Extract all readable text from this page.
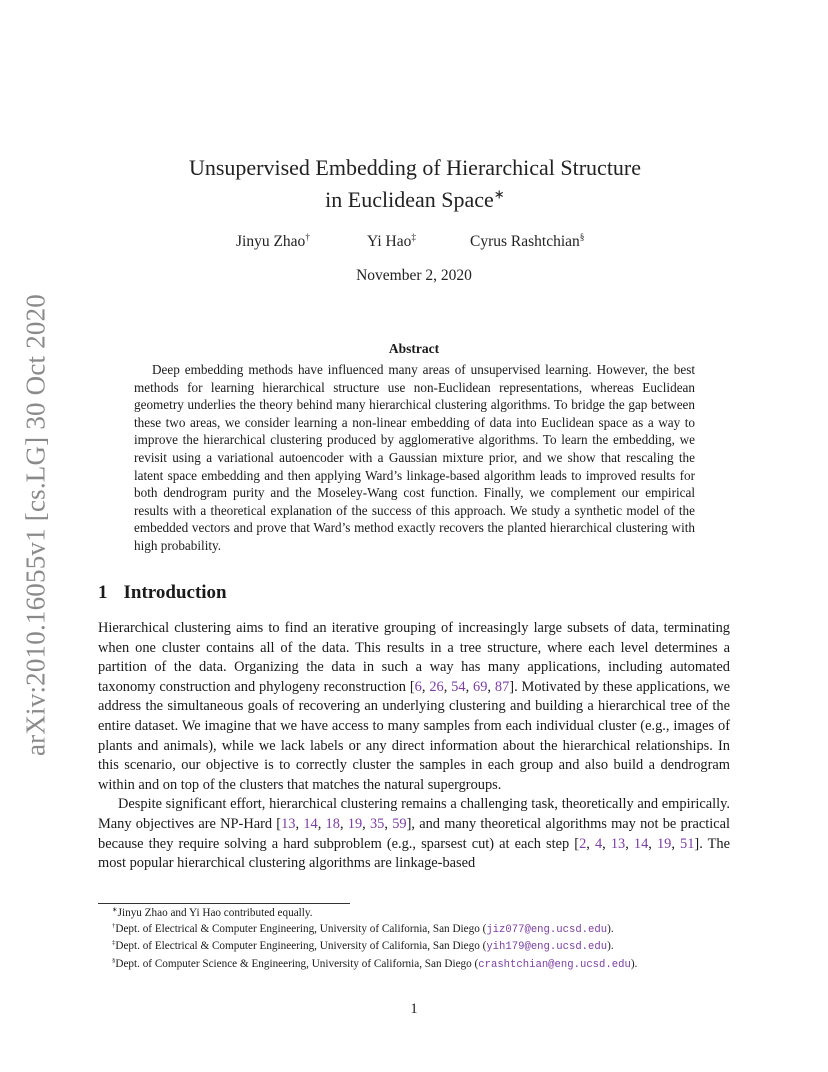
arXiv:2010.16055v1 [cs.LG] 30 Oct 2020
Unsupervised Embedding of Hierarchical Structure
in Euclidean Space∗
Jinyu Zhao†	Yi Hao‡	Cyrus Rashtchian§
November 2, 2020
Abstract

Deep embedding methods have influenced many areas of unsupervised learning. However, the best methods for learning hierarchical structure use non-Euclidean representations, whereas Euclidean geometry underlies the theory behind many hierarchical clustering algorithms. To bridge the gap between these two areas, we consider learning a non-linear embedding of data into Euclidean space as a way to improve the hierarchical clustering produced by agglomerative algorithms. To learn the embedding, we revisit using a variational autoencoder with a Gaussian mixture prior, and we show that rescaling the latent space embedding and then applying Ward’s linkage-based algorithm leads to improved results for both dendrogram purity and the Moseley-Wang cost function. Finally, we complement our empirical results with a theoretical explanation of the success of this approach. We study a synthetic model of the embedded vectors and prove that Ward’s method exactly recovers the planted hierarchical clustering with high probability.

1 Introduction

Hierarchical clustering aims to find an iterative grouping of increasingly large subsets of data, terminating when one cluster contains all of the data. This results in a tree structure, where each level determines a partition of the data. Organizing the data in such a way has many applications, including automated taxonomy construction and phylogeny reconstruction [6, 26, 54, 69, 87]. Motivated by these applications, we address the simultaneous goals of recovering an underlying clustering and building a hierarchical tree of the entire dataset. We imagine that we have access to many samples from each individual cluster (e.g., images of plants and animals), while we lack labels or any direct information about the hierarchical relationships. In this scenario, our objective is to correctly cluster the samples in each group and also build a dendrogram within and on top of the clusters that matches the natural supergroups.

Despite significant effort, hierarchical clustering remains a challenging task, theoretically and empirically. Many objectives are NP-Hard [13, 14, 18, 19, 35, 59], and many theoretical algorithms may not be practical because they require solving a hard subproblem (e.g., sparsest cut) at each step [2, 4, 13, 14, 19, 51]. The most popular hierarchical clustering algorithms are linkage-based

∗Jinyu Zhao and Yi Hao contributed equally.
†Dept. of Electrical & Computer Engineering, University of California, San Diego (jiz077@eng.ucsd.edu).
‡Dept. of Electrical & Computer Engineering, University of California, San Diego (yih179@eng.ucsd.edu).
§Dept. of Computer Science & Engineering, University of California, San Diego (crashtchian@eng.ucsd.edu).
1
